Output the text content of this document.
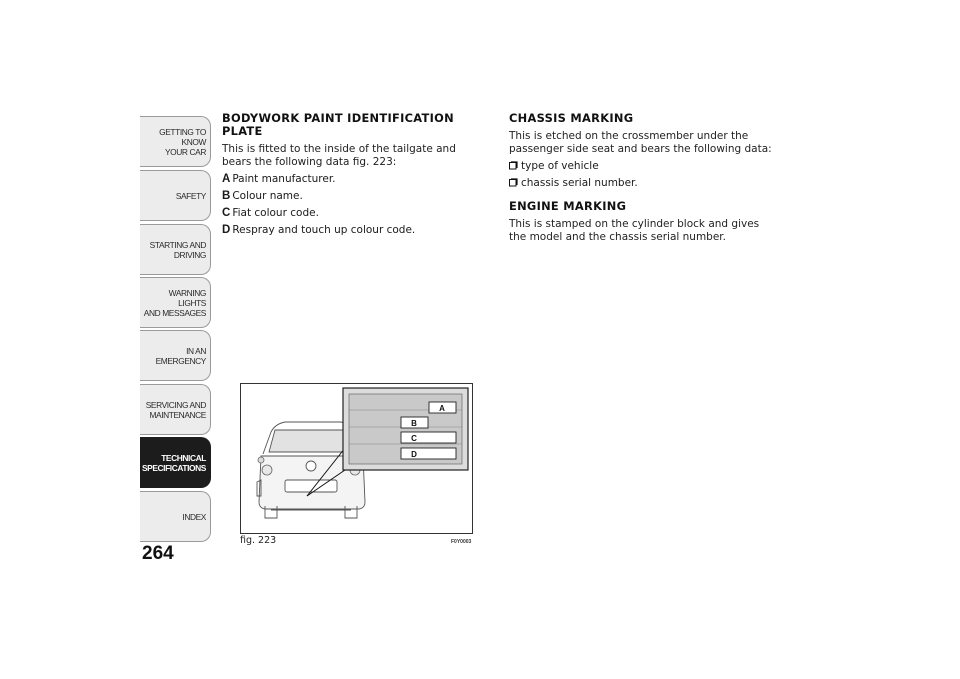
GETTING TO KNOW
YOUR CAR
SAFETY
STARTING AND
DRIVING
WARNING LIGHTS
AND MESSAGES
IN AN EMERGENCY
SERVICING AND
MAINTENANCE
TECHNICAL
SPECIFICATIONS
INDEX
264
BODYWORK PAINT IDENTIFICATION PLATE

This is fitted to the inside of the tailgate and bears the following data fig. 223:

A Paint manufacturer.
B Colour name.
C Fiat colour code.
D Respray and touch up colour code.
CHASSIS MARKING

This is etched on the crossmember under the passenger side seat and bears the following data:

type of vehicle
chassis serial number.
ENGINE MARKING

This is stamped on the cylinder block and gives the model and the chassis serial number.

A
B
C
D
fig. 223	F0Y0003
